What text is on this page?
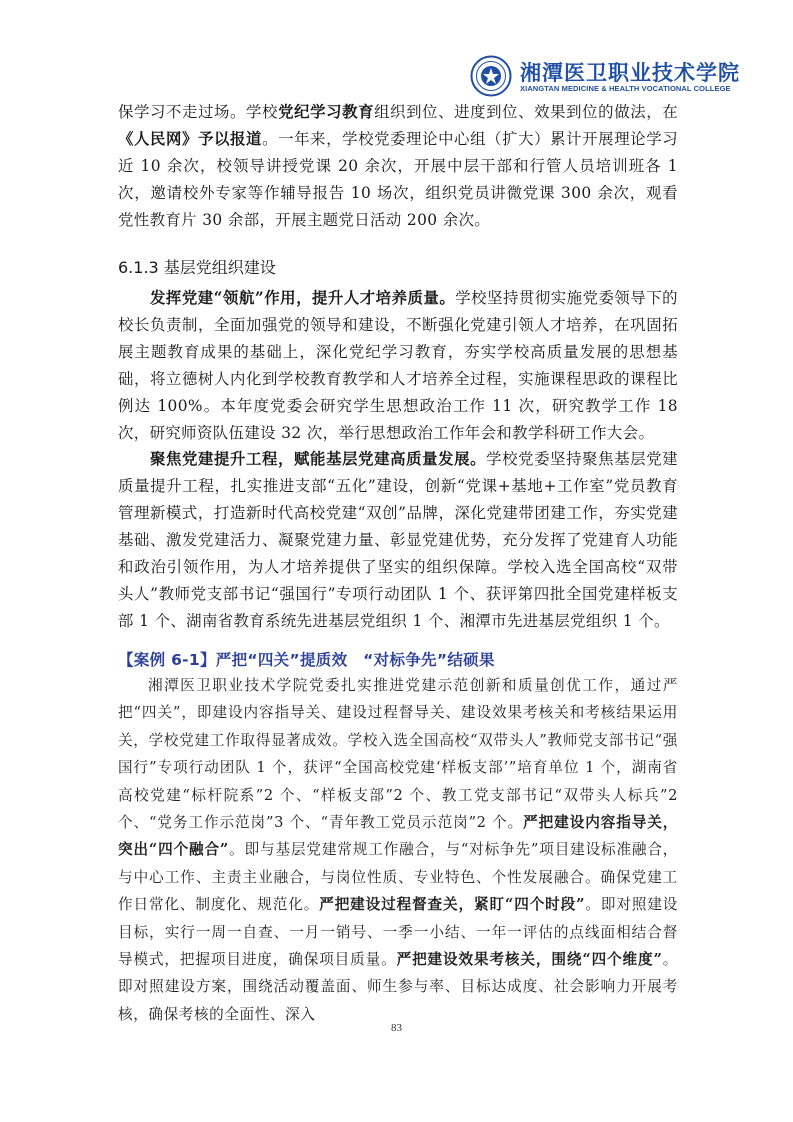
湘潭医卫职业技术学院
XIANGTAN MEDICINE & HEALTH VOCATIONAL COLLEGE

保学习不走过场。学校党纪学习教育组织到位、进度到位、效果到位的做法，在《人民网》予以报道。一年来，学校党委理论中心组（扩大）累计开展理论学习近 10 余次，校领导讲授党课 20 余次，开展中层干部和行管人员培训班各 1 次，邀请校外专家等作辅导报告 10 场次，组织党员讲微党课 300 余次，观看党性教育片 30 余部，开展主题党日活动 200 余次。

6.1.3 基层党组织建设

发挥党建“领航”作用，提升人才培养质量。学校坚持贯彻实施党委领导下的校长负责制，全面加强党的领导和建设，不断强化党建引领人才培养，在巩固拓展主题教育成果的基础上，深化党纪学习教育，夯实学校高质量发展的思想基础，将立德树人内化到学校教育教学和人才培养全过程，实施课程思政的课程比例达 100%。本年度党委会研究学生思想政治工作 11 次，研究教学工作 18 次，研究师资队伍建设 32 次，举行思想政治工作年会和教学科研工作大会。

聚焦党建提升工程，赋能基层党建高质量发展。学校党委坚持聚焦基层党建质量提升工程，扎实推进支部“五化”建设，创新“党课+基地+工作室”党员教育管理新模式，打造新时代高校党建“双创”品牌，深化党建带团建工作，夯实党建基础、激发党建活力、凝聚党建力量、彰显党建优势，充分发挥了党建育人功能和政治引领作用，为人才培养提供了坚实的组织保障。学校入选全国高校“双带头人”教师党支部书记“强国行”专项行动团队 1 个、获评第四批全国党建样板支部 1 个、湖南省教育系统先进基层党组织 1 个、湘潭市先进基层党组织 1 个。

【案例 6-1】严把“四关”提质效　“对标争先”结硕果

湘潭医卫职业技术学院党委扎实推进党建示范创新和质量创优工作，通过严把“四关”，即建设内容指导关、建设过程督导关、建设效果考核关和考核结果运用关，学校党建工作取得显著成效。学校入选全国高校“双带头人”教师党支部书记“强国行”专项行动团队 1 个，获评“全国高校党建‘样板支部’”培育单位 1 个，湖南省高校党建“标杆院系”2 个、“样板支部”2 个、教工党支部书记“双带头人标兵”2 个、“党务工作示范岗”3 个、“青年教工党员示范岗”2 个。严把建设内容指导关，突出“四个融合”。即与基层党建常规工作融合，与“对标争先”项目建设标准融合，与中心工作、主责主业融合，与岗位性质、专业特色、个性发展融合。确保党建工作日常化、制度化、规范化。严把建设过程督查关，紧盯“四个时段”。即对照建设目标，实行一周一自查、一月一销号、一季一小结、一年一评估的点线面相结合督导模式，把握项目进度，确保项目质量。严把建设效果考核关，围绕“四个维度”。即对照建设方案，围绕活动覆盖面、师生参与率、目标达成度、社会影响力开展考核，确保考核的全面性、深入

83
